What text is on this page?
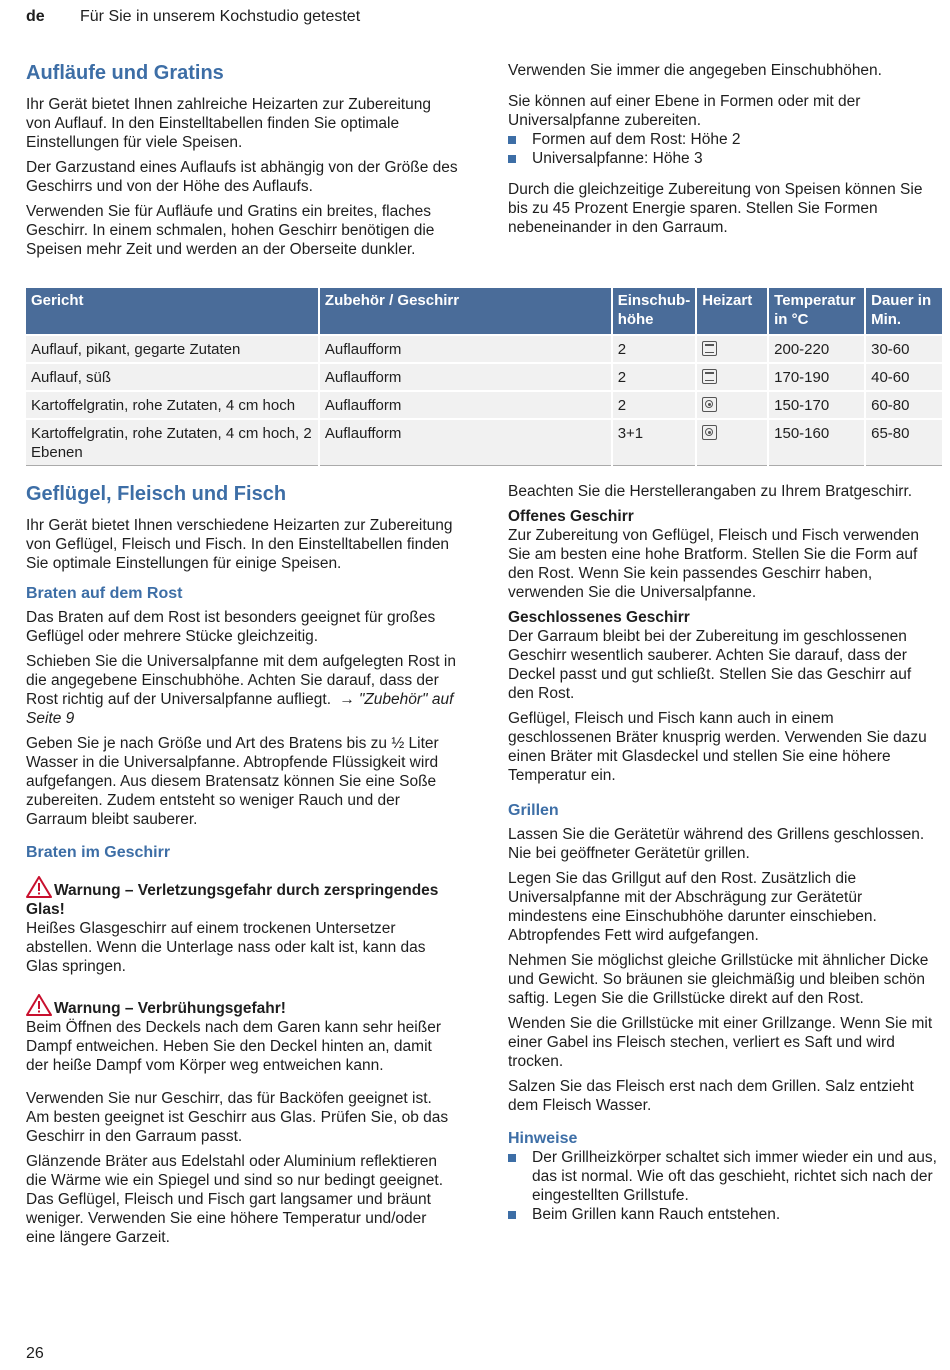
de Für Sie in unserem Kochstudio getestet
Aufläufe und Gratins

Ihr Gerät bietet Ihnen zahlreiche Heizarten zur Zubereitung von Auflauf. In den Einstelltabellen finden Sie optimale Einstellungen für viele Speisen.

Der Garzustand eines Auflaufs ist abhängig von der Größe des Geschirrs und von der Höhe des Auflaufs.

Verwenden Sie für Aufläufe und Gratins ein breites, flaches Geschirr. In einem schmalen, hohen Geschirr benötigen die Speisen mehr Zeit und werden an der Oberseite dunkler.

Verwenden Sie immer die angegeben Einschubhöhen.

Sie können auf einer Ebene in Formen oder mit der Universalpfanne zubereiten.

Formen auf dem Rost: Höhe 2
Universalpfanne: Höhe 3

Durch die gleichzeitige Zubereitung von Speisen können Sie bis zu 45 Prozent Energie sparen. Stellen Sie Formen nebeneinander in den Garraum.

Gericht	Zubehör / Geschirr	Einschub-höhe	Heizart	Temperatur in °C	Dauer in Min.
Auflauf, pikant, gegarte Zutaten	Auflaufform	2		200-220	30-60
Auflauf, süß	Auflaufform	2		170-190	40-60
Kartoffelgratin, rohe Zutaten, 4 cm hoch	Auflaufform	2		150-170	60-80
Kartoffelgratin, rohe Zutaten, 4 cm hoch, 2 Ebenen	Auflaufform	3+1		150-160	65-80
Geflügel, Fleisch und Fisch

Ihr Gerät bietet Ihnen verschiedene Heizarten zur Zubereitung von Geflügel, Fleisch und Fisch. In den Einstelltabellen finden Sie optimale Einstellungen für einige Speisen.

Braten auf dem Rost

Das Braten auf dem Rost ist besonders geeignet für großes Geflügel oder mehrere Stücke gleichzeitig.

Schieben Sie die Universalpfanne mit dem aufgelegten Rost in die angegebene Einschubhöhe. Achten Sie darauf, dass der Rost richtig auf der Universalpfanne aufliegt. → "Zubehör" auf Seite 9

Geben Sie je nach Größe und Art des Bratens bis zu ½ Liter Wasser in die Universalpfanne. Abtropfende Flüssigkeit wird aufgefangen. Aus diesem Bratensatz können Sie eine Soße zubereiten. Zudem entsteht so weniger Rauch und der Garraum bleibt sauberer.

Braten im Geschirr
Warnung – Verletzungsgefahr durch zerspringendes Glas!
Heißes Glasgeschirr auf einem trockenen Untersetzer abstellen. Wenn die Unterlage nass oder kalt ist, kann das Glas springen.
Warnung – Verbrühungsgefahr!
Beim Öffnen des Deckels nach dem Garen kann sehr heißer Dampf entweichen. Heben Sie den Deckel hinten an, damit der heiße Dampf vom Körper weg entweichen kann.

Verwenden Sie nur Geschirr, das für Backöfen geeignet ist. Am besten geeignet ist Geschirr aus Glas. Prüfen Sie, ob das Geschirr in den Garraum passt.

Glänzende Bräter aus Edelstahl oder Aluminium reflektieren die Wärme wie ein Spiegel und sind so nur bedingt geeignet. Das Geflügel, Fleisch und Fisch gart langsamer und bräunt weniger. Verwenden Sie eine höhere Temperatur und/oder eine längere Garzeit.

Beachten Sie die Herstellerangaben zu Ihrem Bratgeschirr.

Offenes Geschirr

Zur Zubereitung von Geflügel, Fleisch und Fisch verwenden Sie am besten eine hohe Bratform. Stellen Sie die Form auf den Rost. Wenn Sie kein passendes Geschirr haben, verwenden Sie die Universalpfanne.

Geschlossenes Geschirr

Der Garraum bleibt bei der Zubereitung im geschlossenen Geschirr wesentlich sauberer. Achten Sie darauf, dass der Deckel passt und gut schließt. Stellen Sie das Geschirr auf den Rost.

Geflügel, Fleisch und Fisch kann auch in einem geschlossenen Bräter knusprig werden. Verwenden Sie dazu einen Bräter mit Glasdeckel und stellen Sie eine höhere Temperatur ein.

Grillen

Lassen Sie die Gerätetür während des Grillens geschlossen. Nie bei geöffneter Gerätetür grillen.

Legen Sie das Grillgut auf den Rost. Zusätzlich die Universalpfanne mit der Abschrägung zur Gerätetür mindestens eine Einschubhöhe darunter einschieben. Abtropfendes Fett wird aufgefangen.

Nehmen Sie möglichst gleiche Grillstücke mit ähnlicher Dicke und Gewicht. So bräunen sie gleichmäßig und bleiben schön saftig. Legen Sie die Grillstücke direkt auf den Rost.

Wenden Sie die Grillstücke mit einer Grillzange. Wenn Sie mit einer Gabel ins Fleisch stechen, verliert es Saft und wird trocken.

Salzen Sie das Fleisch erst nach dem Grillen. Salz entzieht dem Fleisch Wasser.

Hinweise
Der Grillheizkörper schaltet sich immer wieder ein und aus, das ist normal. Wie oft das geschieht, richtet sich nach der eingestellten Grillstufe.
Beim Grillen kann Rauch entstehen.
26
